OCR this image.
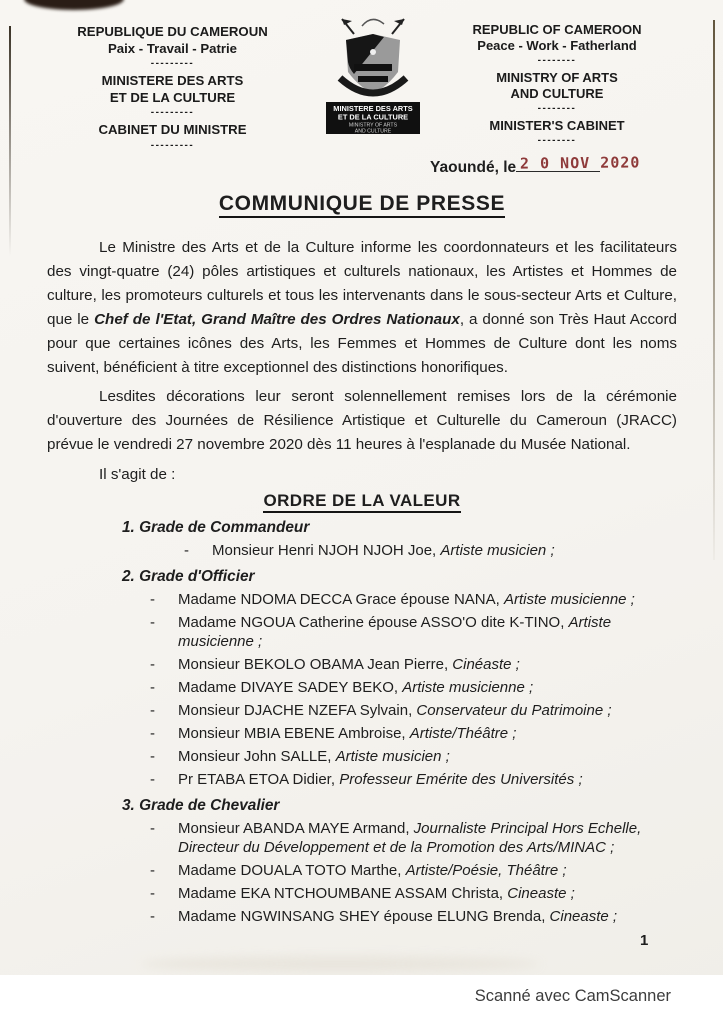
REPUBLIQUE DU CAMEROUN
Paix - Travail - Patrie
---------
MINISTERE DES ARTS
ET DE LA CULTURE
---------
CABINET DU MINISTRE
---------
MINISTERE DES ARTS
ET DE LA CULTURE
MINISTRY OF ARTS
AND CULTURE
REPUBLIC OF CAMEROON
Peace - Work - Fatherland
--------
MINISTRY OF ARTS
AND CULTURE
--------
MINISTER'S CABINET
--------
Yaoundé, le 2 0 NOV 2020
COMMUNIQUE DE PRESSE

Le Ministre des Arts et de la Culture informe les coordonnateurs et les facilitateurs des vingt-quatre (24) pôles artistiques et culturels nationaux, les Artistes et Hommes de culture, les promoteurs culturels et tous les intervenants dans le sous-secteur Arts et Culture, que le Chef de l'Etat, Grand Maître des Ordres Nationaux, a donné son Très Haut Accord pour que certaines icônes des Arts, les Femmes et Hommes de Culture dont les noms suivent, bénéficient à titre exceptionnel des distinctions honorifiques.

Lesdites décorations leur seront solennellement remises lors de la cérémonie d'ouverture des Journées de Résilience Artistique et Culturelle du Cameroun (JRACC) prévue le vendredi 27 novembre 2020 dès 11 heures à l'esplanade du Musée National.

Il s'agit de :
ORDRE DE LA VALEUR
1. Grade de Commandeur
-	Monsieur Henri NJOH NJOH Joe, Artiste musicien ;
2. Grade d'Officier
-	Madame NDOMA DECCA Grace épouse NANA, Artiste musicienne ;
-	Madame NGOUA Catherine épouse ASSO'O dite K-TINO, Artiste musicienne ;
-	Monsieur BEKOLO OBAMA Jean Pierre, Cinéaste ;
-	Madame DIVAYE SADEY BEKO, Artiste musicienne ;
-	Monsieur DJACHE NZEFA Sylvain, Conservateur du Patrimoine ;
-	Monsieur MBIA EBENE Ambroise, Artiste/Théâtre ;
-	Monsieur John SALLE, Artiste musicien ;
-	Pr ETABA ETOA Didier, Professeur Emérite des Universités ;
3. Grade de Chevalier
-	Monsieur ABANDA MAYE Armand, Journaliste Principal Hors Echelle, Directeur du Développement et de la Promotion des Arts/MINAC ;
-	Madame DOUALA TOTO Marthe, Artiste/Poésie, Théâtre ;
-	Madame EKA NTCHOUMBANE ASSAM Christa, Cineaste ;
-	Madame NGWINSANG SHEY épouse ELUNG Brenda, Cineaste ;
1
Scanné avec CamScanner
